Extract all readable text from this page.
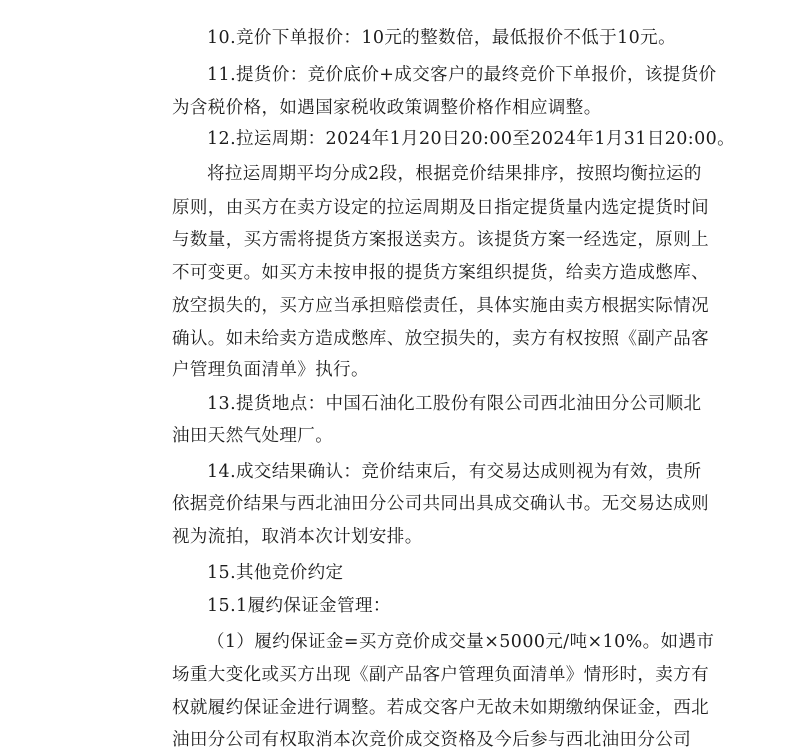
10.竞价下单报价：10元的整数倍，最低报价不低于10元。
11.提货价：竞价底价+成交客户的最终竞价下单报价，该提货价
为含税价格，如遇国家税收政策调整价格作相应调整。
12.拉运周期：2024年1月20日20:00至2024年1月31日20:00。
将拉运周期平均分成2段，根据竞价结果排序，按照均衡拉运的
原则，由买方在卖方设定的拉运周期及日指定提货量内选定提货时间
与数量，买方需将提货方案报送卖方。该提货方案一经选定，原则上
不可变更。如买方未按申报的提货方案组织提货，给卖方造成憋库、
放空损失的，买方应当承担赔偿责任，具体实施由卖方根据实际情况
确认。如未给卖方造成憋库、放空损失的，卖方有权按照《副产品客
户管理负面清单》执行。
13.提货地点：中国石油化工股份有限公司西北油田分公司顺北
油田天然气处理厂。
14.成交结果确认：竞价结束后，有交易达成则视为有效，贵所
依据竞价结果与西北油田分公司共同出具成交确认书。无交易达成则
视为流拍，取消本次计划安排。
15.其他竞价约定
15.1履约保证金管理：
（1）履约保证金=买方竞价成交量×5000元/吨×10%。如遇市
场重大变化或买方出现《副产品客户管理负面清单》情形时，卖方有
权就履约保证金进行调整。若成交客户无故未如期缴纳保证金，西北
油田分公司有权取消本次竞价成交资格及今后参与西北油田分公司
